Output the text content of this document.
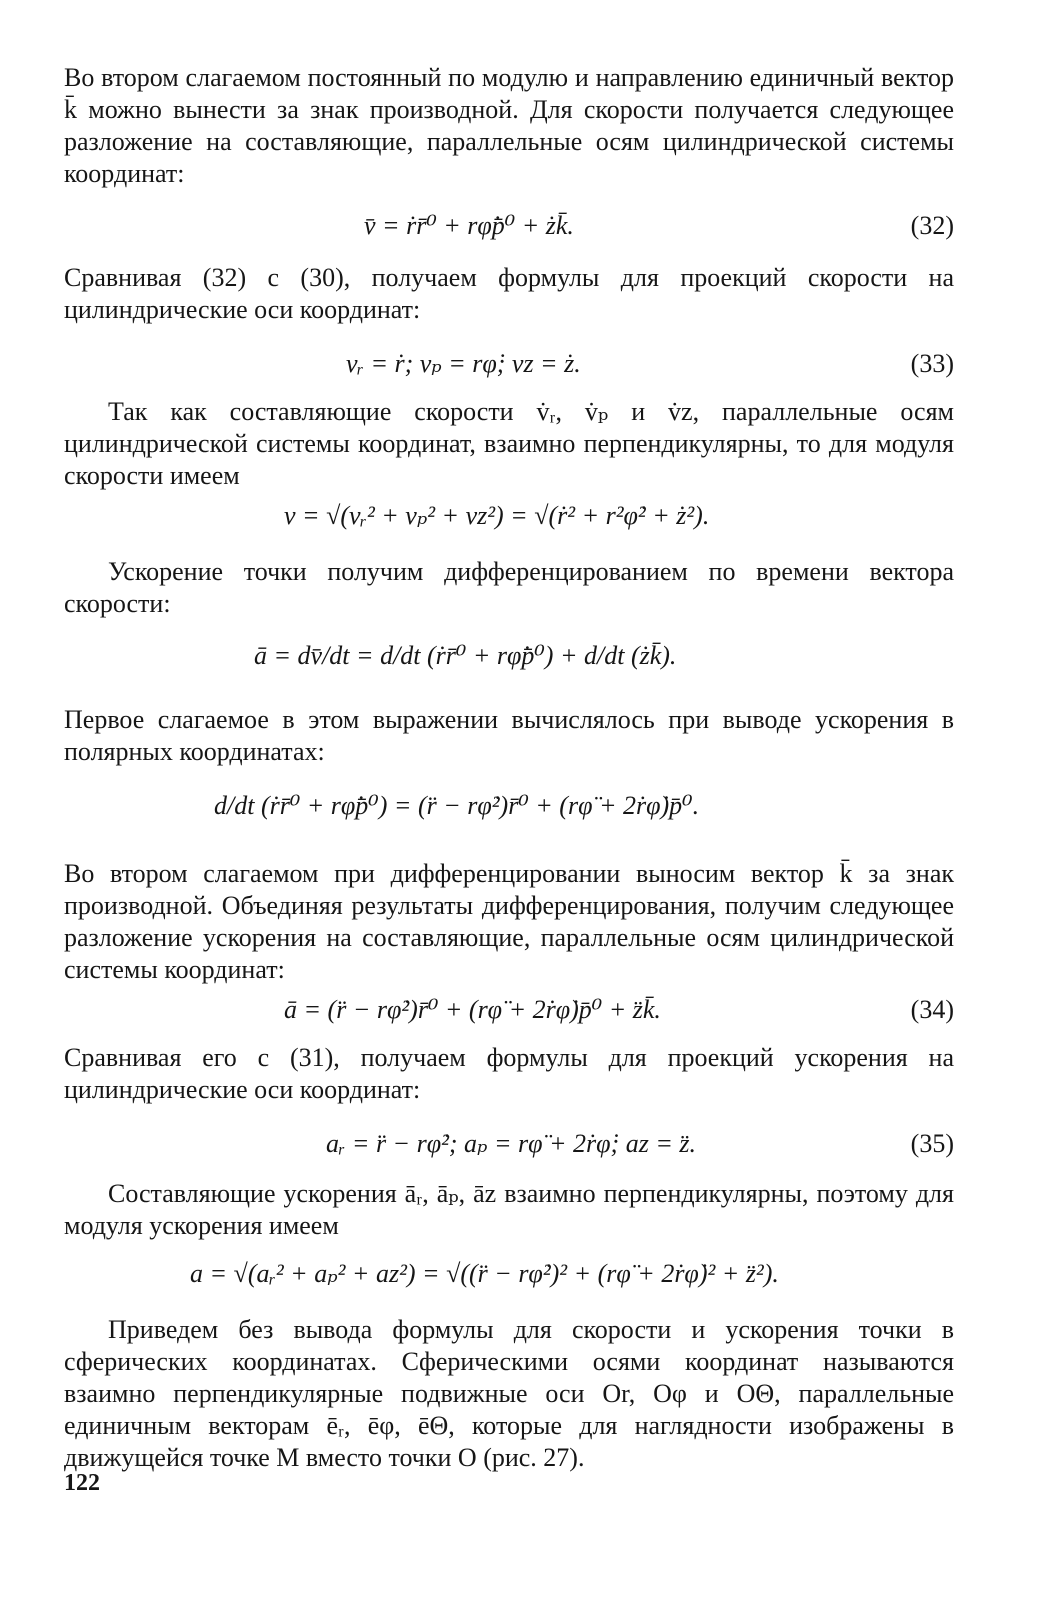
Во втором слагаемом постоянный по модулю и направлению единичный вектор k̄ можно вынести за знак производной. Для скорости получается следующее разложение на составляющие, параллельные осям цилиндрической системы координат:

v̄ = ṙr̄⁰ + rφ̇p̄⁰ + żk̄.	(32)

Сравнивая (32) с (30), получаем формулы для проекций скорости на цилиндрические оси координат:

vᵣ = ṙ; vₚ = rφ̇; vz = ż.	(33)

Так как составляющие скорости v̇ᵣ, v̇ₚ и v̇z, параллельные осям цилиндрической системы координат, взаимно перпендикулярны, то для модуля скорости имеем

v = √(vᵣ² + vₚ² + vz²) = √(ṙ² + r²φ̇² + ż²).

Ускорение точки получим дифференцированием по времени вектора скорости:

ā = dv̄/dt = d/dt (ṙr̄⁰ + rφ̇p̄⁰) + d/dt (żk̄).

Первое слагаемое в этом выражении вычислялось при выводе ускорения в полярных координатах:

d/dt (ṙr̄⁰ + rφ̇p̄⁰) = (r̈ − rφ̇²)r̄⁰ + (rφ̈ + 2ṙφ̇)p̄⁰.

Во втором слагаемом при дифференцировании выносим вектор k̄ за знак производной. Объединяя результаты дифференцирования, получим следующее разложение ускорения на составляющие, параллельные осям цилиндрической системы координат:

ā = (r̈ − rφ̇²)r̄⁰ + (rφ̈ + 2ṙφ̇)p̄⁰ + z̈k̄.	(34)

Сравнивая его с (31), получаем формулы для проекций ускорения на цилиндрические оси координат:

aᵣ = r̈ − rφ̇²; aₚ = rφ̈ + 2ṙφ̇; az = z̈.	(35)

Составляющие ускорения āᵣ, āₚ, āz взаимно перпендикулярны, поэтому для модуля ускорения имеем

a = √(aᵣ² + aₚ² + az²) = √((r̈ − rφ̇²)² + (rφ̈ + 2ṙφ̇)² + z̈²).

Приведем без вывода формулы для скорости и ускорения точки в сферических координатах. Сферическими осями координат называются взаимно перпендикулярные подвижные оси Or, Oφ и OΘ, параллельные единичным векторам ēᵣ, ēφ, ēΘ, которые для наглядности изображены в движущейся точке M вместо точки O (рис. 27).

122
